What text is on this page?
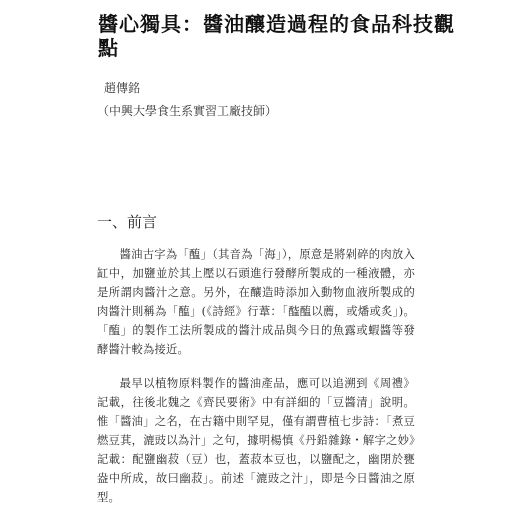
醬心獨具：醬油釀造過程的食品科技觀點

趙傳銘

（中興大學食生系實習工廠技師）

一、前言

醬油古字為「醢」（其音為「海」），原意是將剁碎的肉放入缸中，加鹽並於其上壓以石頭進行發酵所製成的一種液體，亦是所謂肉醬汁之意。另外，在釀造時添加入動物血液所製成的肉醬汁則稱為「醢」(《詩經》行葦：「醓醢以薦，或燔或炙」)。「醢」的製作工法所製成的醬汁成品與今日的魚露或蝦醬等發酵醬汁較為接近。

最早以植物原料製作的醬油產品，應可以追溯到《周禮》記載，往後北魏之《齊民要術》中有詳細的「豆醬清」說明。惟「醬油」之名，在古籍中則罕見，僅有謂曹植七步詩：「煮豆燃豆萁，漉豉以為汁」之句，據明楊慎《丹鉛雜錄・解字之妙》記載：配鹽幽菽（豆）也，蓋菽本豆也，以鹽配之，幽閉於甕盎中所成，故曰幽菽」。前述「漉豉之汁」，即是今日醬油之原型。
